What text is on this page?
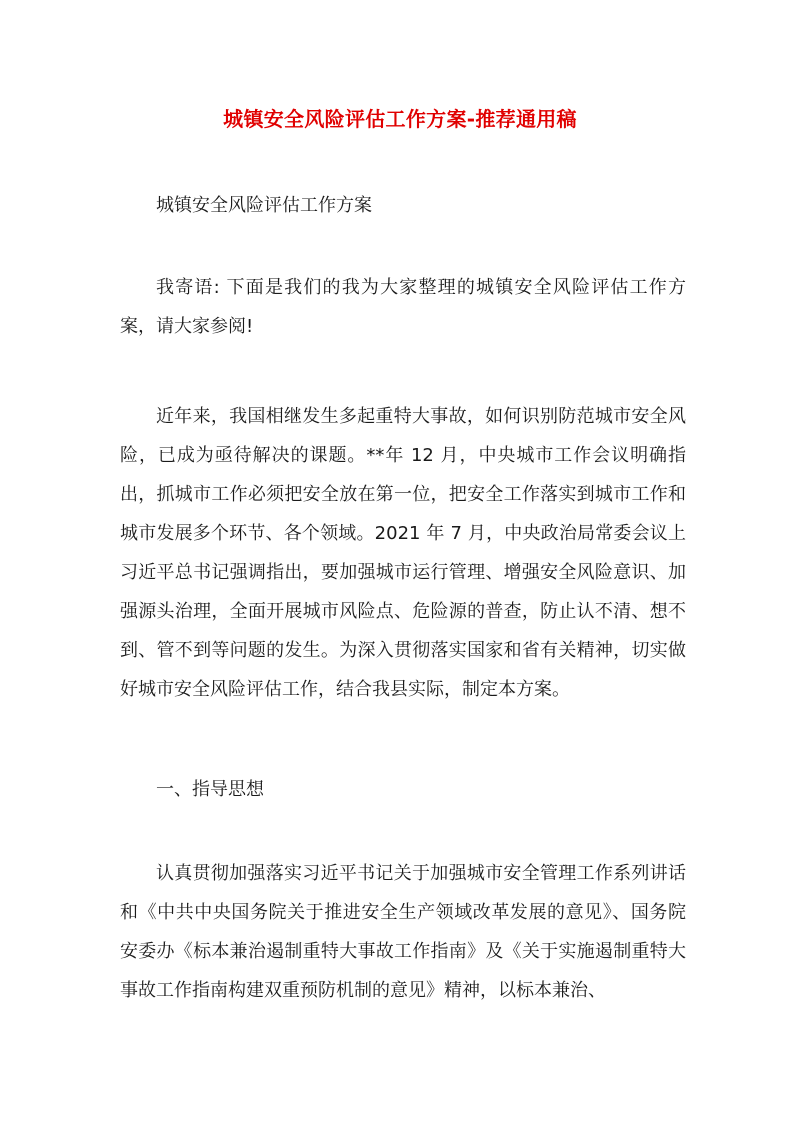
城镇安全风险评估工作方案-推荐通用稿

城镇安全风险评估工作方案

我寄语: 下面是我们的我为大家整理的城镇安全风险评估工作方案，请大家参阅!

近年来，我国相继发生多起重特大事故，如何识别防范城市安全风险，已成为亟待解决的课题。**年 12 月，中央城市工作会议明确指出，抓城市工作必须把安全放在第一位，把安全工作落实到城市工作和城市发展多个环节、各个领域。2021 年 7 月，中央政治局常委会议上习近平总书记强调指出，要加强城市运行管理、增强安全风险意识、加强源头治理，全面开展城市风险点、危险源的普查，防止认不清、想不到、管不到等问题的发生。为深入贯彻落实国家和省有关精神，切实做好城市安全风险评估工作，结合我县实际，制定本方案。

一、指导思想

认真贯彻加强落实习近平书记关于加强城市安全管理工作系列讲话和《中共中央国务院关于推进安全生产领域改革发展的意见》、国务院安委办《标本兼治遏制重特大事故工作指南》及《关于实施遏制重特大事故工作指南构建双重预防机制的意见》精神，以标本兼治、
